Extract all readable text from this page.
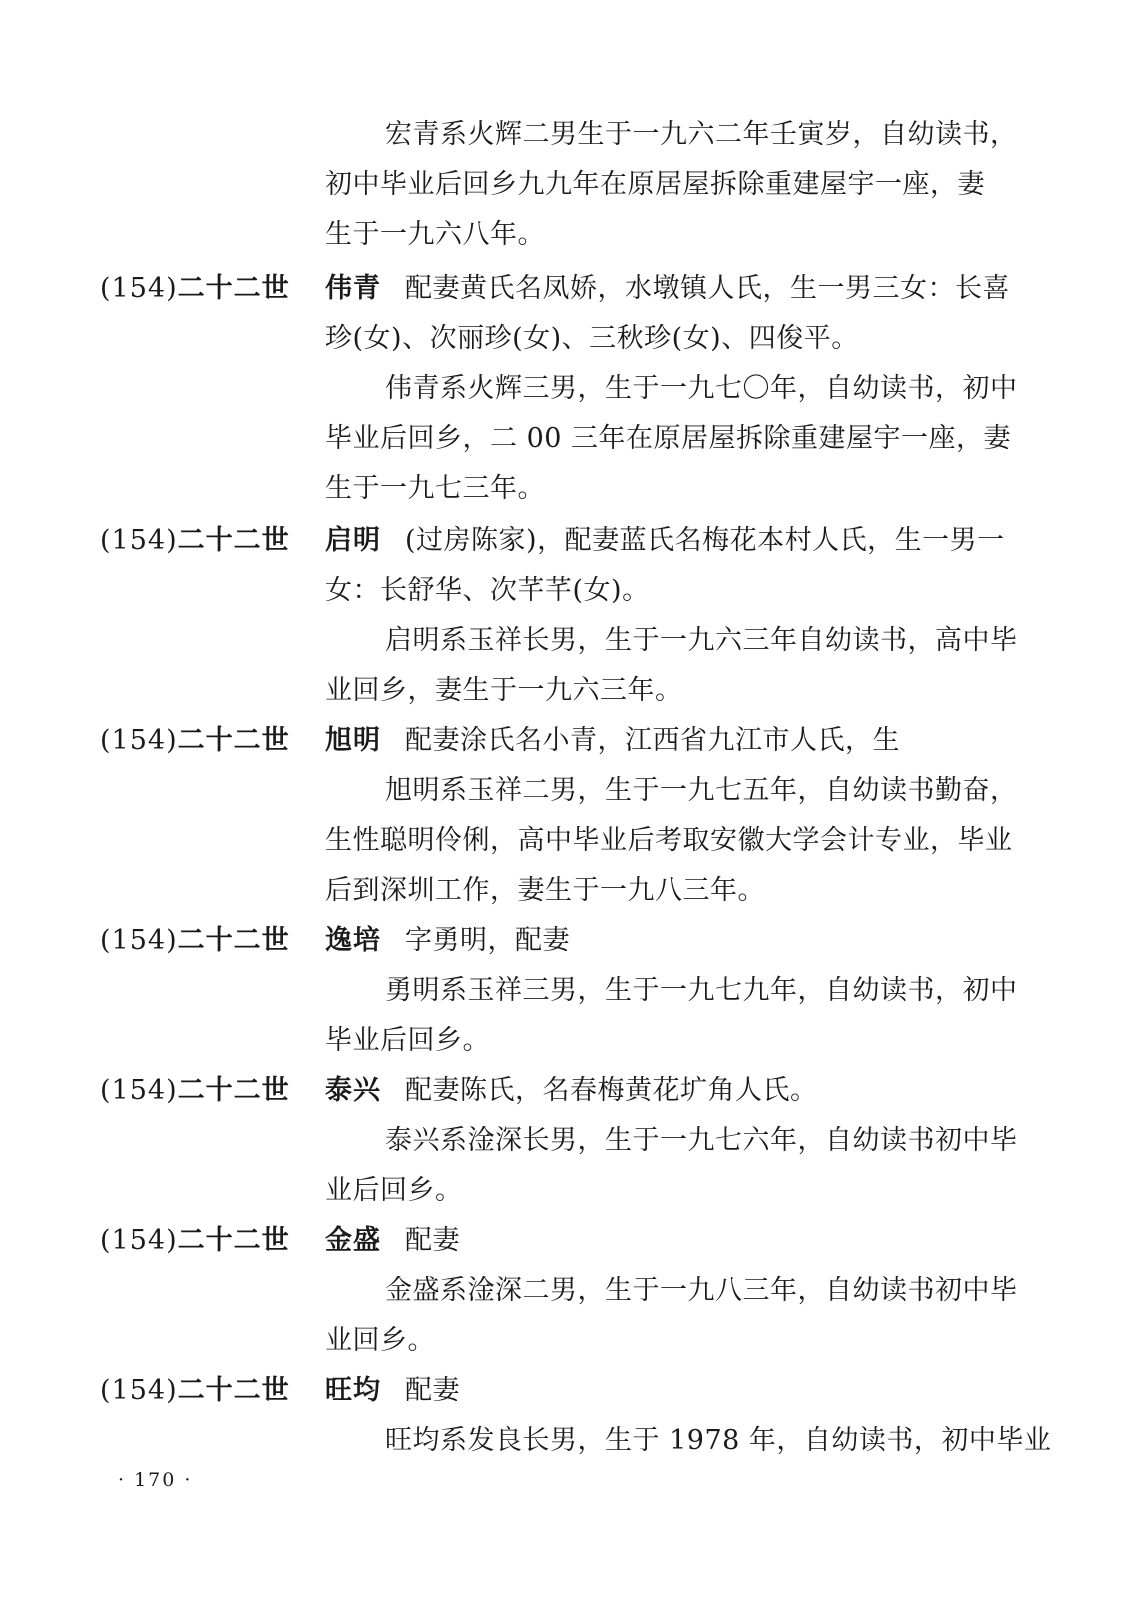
宏青系火辉二男生于一九六二年壬寅岁，自幼读书，
初中毕业后回乡九九年在原居屋拆除重建屋宇一座，妻
生于一九六八年。
(154)二十二世 伟青 配妻黄氏名凤娇，水墩镇人氏，生一男三女：长喜
珍(女)、次丽珍(女)、三秋珍(女)、四俊平。
伟青系火辉三男，生于一九七〇年，自幼读书，初中
毕业后回乡，二 00 三年在原居屋拆除重建屋宇一座，妻
生于一九七三年。
(154)二十二世 启明 (过房陈家)，配妻蓝氏名梅花本村人氏，生一男一
女：长舒华、次芊芊(女)。
启明系玉祥长男，生于一九六三年自幼读书，高中毕
业回乡，妻生于一九六三年。
(154)二十二世 旭明 配妻涂氏名小青，江西省九江市人氏，生
旭明系玉祥二男，生于一九七五年，自幼读书勤奋，
生性聪明伶俐，高中毕业后考取安徽大学会计专业，毕业
后到深圳工作，妻生于一九八三年。
(154)二十二世 逸培 字勇明，配妻
勇明系玉祥三男，生于一九七九年，自幼读书，初中
毕业后回乡。
(154)二十二世 泰兴 配妻陈氏，名春梅黄花圹角人氏。
泰兴系淦深长男，生于一九七六年，自幼读书初中毕
业后回乡。
(154)二十二世 金盛 配妻
金盛系淦深二男，生于一九八三年，自幼读书初中毕
业回乡。
(154)二十二世 旺均 配妻
旺均系发良长男，生于 1978 年，自幼读书，初中毕业
· 170 ·
